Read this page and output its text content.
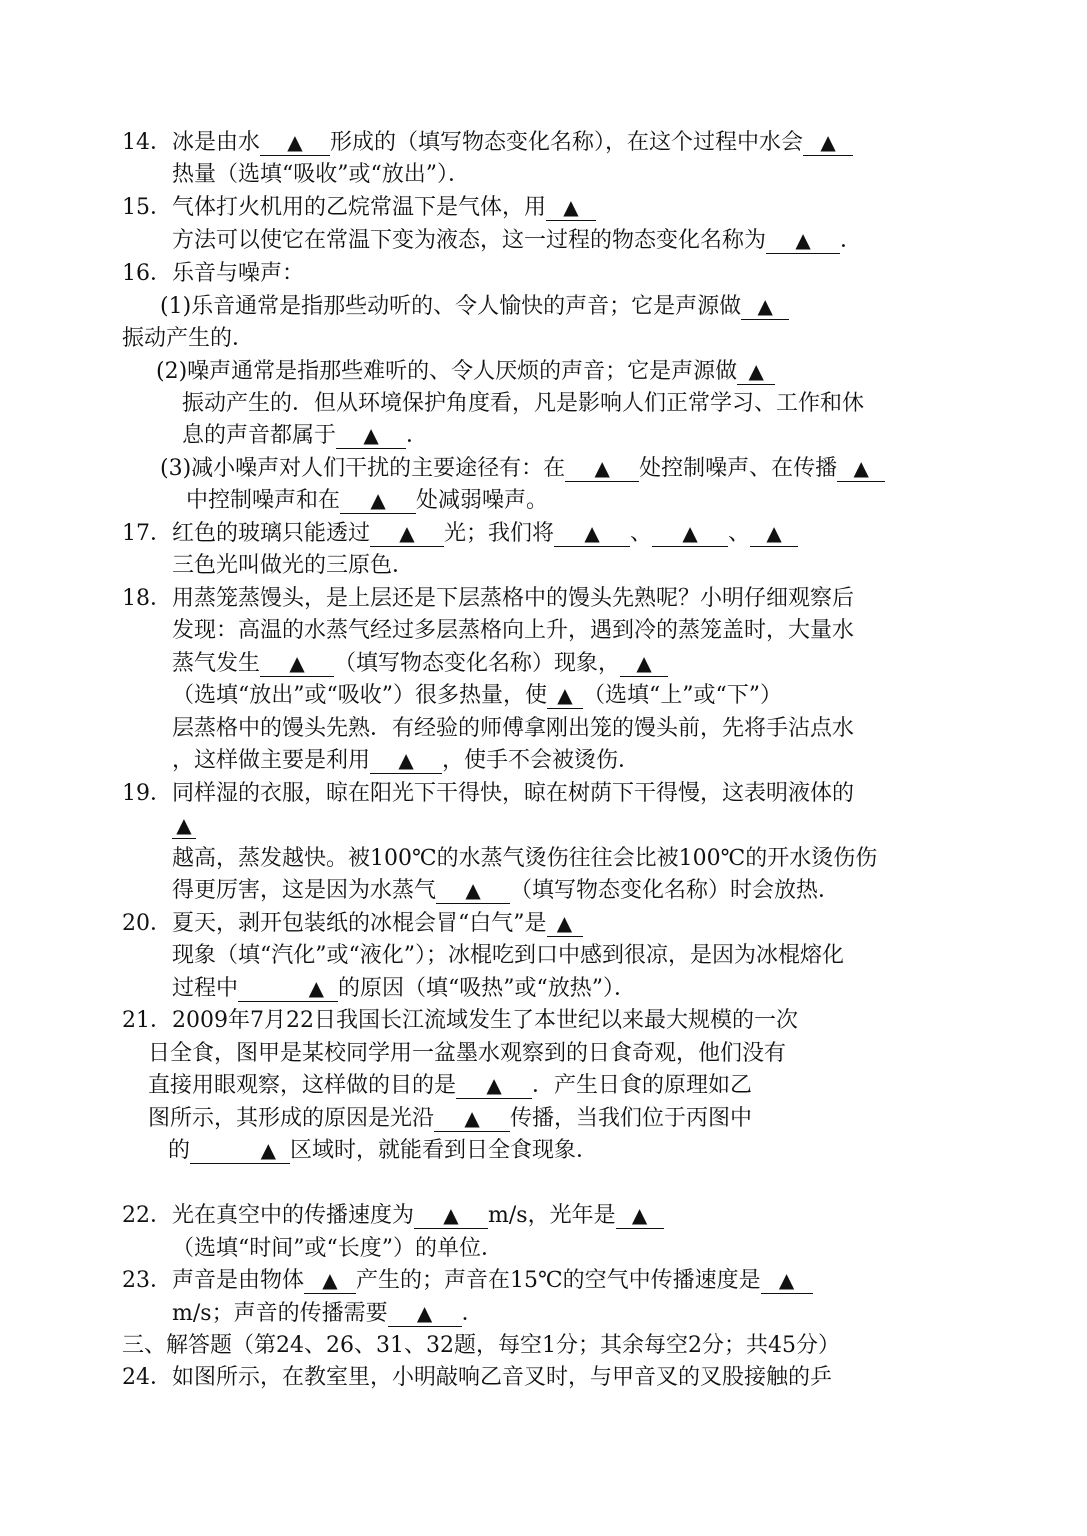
14．冰是由水 ▲ 形成的（填写物态变化名称），在这个过程中水会 ▲
热量（选填“吸收”或“放出”）．
15．气体打火机用的乙烷常温下是气体，用 ▲
方法可以使它在常温下变为液态，这一过程的物态变化名称为 ▲ ．
16．乐音与噪声：
(1)乐音通常是指那些动听的、令人愉快的声音；它是声源做 ▲
振动产生的．
(2)噪声通常是指那些难听的、令人厌烦的声音；它是声源做 ▲
振动产生的．但从环境保护角度看，凡是影响人们正常学习、工作和休
息的声音都属于 ▲ ．
(3)减小噪声对人们干扰的主要途径有：在 ▲ 处控制噪声、在传播 ▲
中控制噪声和在 ▲ 处减弱噪声。
17．红色的玻璃只能透过 ▲ 光；我们将 ▲ 、 ▲ 、 ▲
三色光叫做光的三原色．
18．用蒸笼蒸馒头，是上层还是下层蒸格中的馒头先熟呢？小明仔细观察后
发现：高温的水蒸气经过多层蒸格向上升，遇到冷的蒸笼盖时，大量水
蒸气发生 ▲ （填写物态变化名称）现象， ▲
（选填“放出”或“吸收”）很多热量，使 ▲ （选填“上”或“下”）
层蒸格中的馒头先熟．有经验的师傅拿刚出笼的馒头前，先将手沾点水
，这样做主要是利用 ▲ ，使手不会被烫伤．
19．同样湿的衣服，晾在阳光下干得快，晾在树荫下干得慢，这表明液体的
▲
越高，蒸发越快。被100℃的水蒸气烫伤往往会比被100℃的开水烫伤伤
得更厉害，这是因为水蒸气 ▲ （填写物态变化名称）时会放热．
20．夏天，剥开包装纸的冰棍会冒“白气”是 ▲
现象（填“汽化”或“液化”）；冰棍吃到口中感到很凉，是因为冰棍熔化
过程中	▲ 的原因（填“吸热”或“放热”）．
21．2009年7月22日我国长江流域发生了本世纪以来最大规模的一次
日全食，图甲是某校同学用一盆墨水观察到的日食奇观，他们没有
直接用眼观察，这样做的目的是 ▲ ．产生日食的原理如乙
图所示，其形成的原因是光沿 ▲ 传播，当我们位于丙图中
的	▲ 区域时，就能看到日全食现象．
22．光在真空中的传播速度为 ▲ m/s，光年是 ▲
（选填“时间”或“长度”）的单位．
23．声音是由物体 ▲ 产生的；声音在15℃的空气中传播速度是 ▲
m/s；声音的传播需要 ▲ ．
三、解答题（第24、26、31、32题，每空1分；其余每空2分；共45分）
24．如图所示，在教室里，小明敲响乙音叉时，与甲音叉的叉股接触的乒
